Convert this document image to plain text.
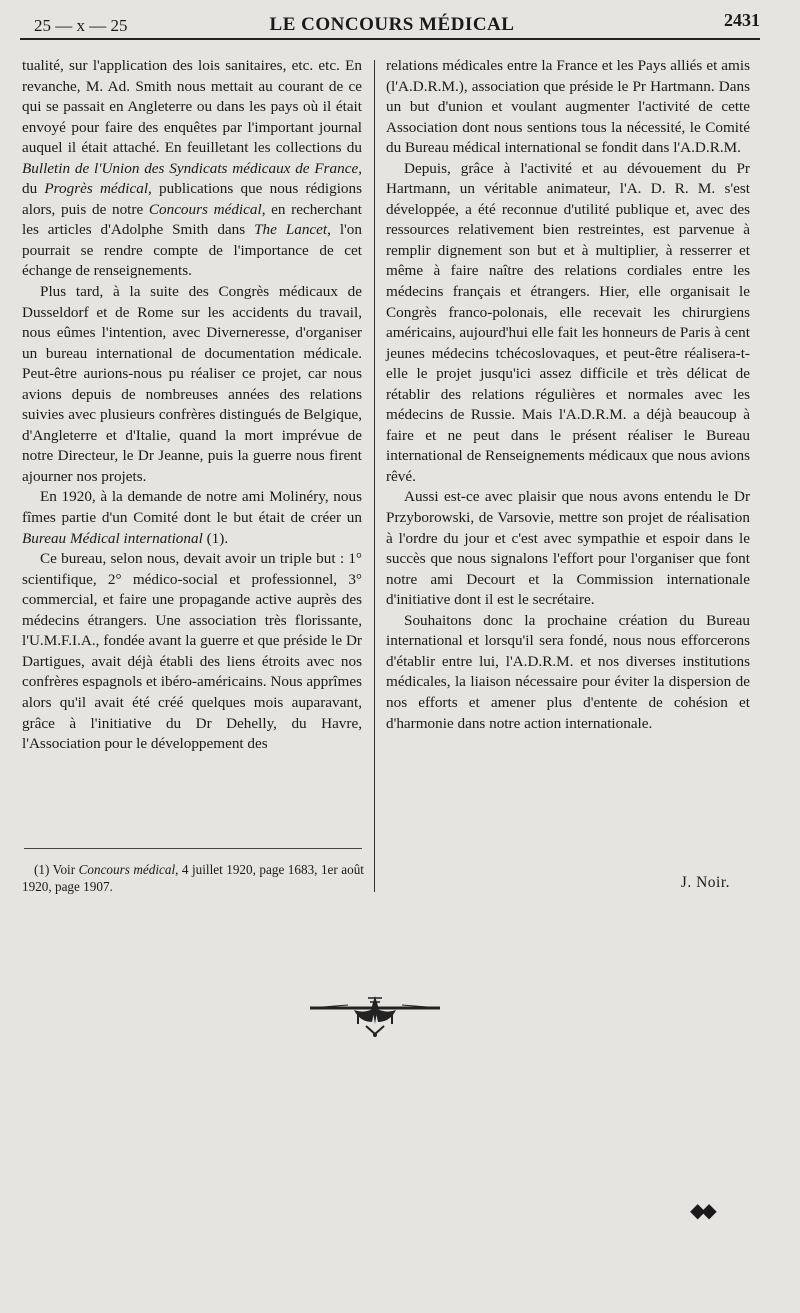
25 — x — 25	LE CONCOURS MÉDICAL	2431

tualité, sur l'application des lois sanitaires, etc. etc. En revanche, M. Ad. Smith nous mettait au courant de ce qui se passait en Angleterre ou dans les pays où il était envoyé pour faire des enquêtes par l'important journal auquel il était attaché. En feuilletant les collections du Bulletin de l'Union des Syndicats médicaux de France, du Progrès médical, publications que nous rédigions alors, puis de notre Concours médical, en recherchant les articles d'Adolphe Smith dans The Lancet, l'on pourrait se rendre compte de l'importance de cet échange de renseignements.

Plus tard, à la suite des Congrès médicaux de Dusseldorf et de Rome sur les accidents du travail, nous eûmes l'intention, avec Diverneresse, d'organiser un bureau international de documentation médicale. Peut-être aurions-nous pu réaliser ce projet, car nous avions depuis de nombreuses années des relations suivies avec plusieurs confrères distingués de Belgique, d'Angleterre et d'Italie, quand la mort imprévue de notre Directeur, le Dr Jeanne, puis la guerre nous firent ajourner nos projets.

En 1920, à la demande de notre ami Molinéry, nous fîmes partie d'un Comité dont le but était de créer un Bureau Médical international (1).

Ce bureau, selon nous, devait avoir un triple but : 1° scientifique, 2° médico-social et professionnel, 3° commercial, et faire une propagande active auprès des médecins étrangers. Une association très florissante, l'U.M.F.I.A., fondée avant la guerre et que préside le Dr Dartigues, avait déjà établi des liens étroits avec nos confrères espagnols et ibéro-américains. Nous apprîmes alors qu'il avait été créé quelques mois auparavant, grâce à l'initiative du Dr Dehelly, du Havre, l'Association pour le développement des

relations médicales entre la France et les Pays alliés et amis (l'A.D.R.M.), association que préside le Pr Hartmann. Dans un but d'union et voulant augmenter l'activité de cette Association dont nous sentions tous la nécessité, le Comité du Bureau médical international se fondit dans l'A.D.R.M.

Depuis, grâce à l'activité et au dévouement du Pr Hartmann, un véritable animateur, l'A. D. R. M. s'est développée, a été reconnue d'utilité publique et, avec des ressources relativement bien restreintes, est parvenue à remplir dignement son but et à multiplier, à resserrer et même à faire naître des relations cordiales entre les médecins français et étrangers. Hier, elle organisait le Congrès franco-polonais, elle recevait les chirurgiens américains, aujourd'hui elle fait les honneurs de Paris à cent jeunes médecins tchécoslovaques, et peut-être réalisera-t-elle le projet jusqu'ici assez difficile et très délicat de rétablir des relations régulières et normales avec les médecins de Russie. Mais l'A.D.R.M. a déjà beaucoup à faire et ne peut dans le présent réaliser le Bureau international de Renseignements médicaux que nous avions rêvé.

Aussi est-ce avec plaisir que nous avons entendu le Dr Przyborowski, de Varsovie, mettre son projet de réalisation à l'ordre du jour et c'est avec sympathie et espoir dans le succès que nous signalons l'effort pour l'organiser que font notre ami Decourt et la Commission internationale d'initiative dont il est le secrétaire.

Souhaitons donc la prochaine création du Bureau international et lorsqu'il sera fondé, nous nous efforcerons d'établir entre lui, l'A.D.R.M. et nos diverses institutions médicales, la liaison nécessaire pour éviter la dispersion de nos efforts et amener plus d'entente de cohésion et d'harmonie dans notre action internationale.

(1) Voir Concours médical, 4 juillet 1920, page 1683, 1er août 1920, page 1907.	J. Noir.
◆◆
